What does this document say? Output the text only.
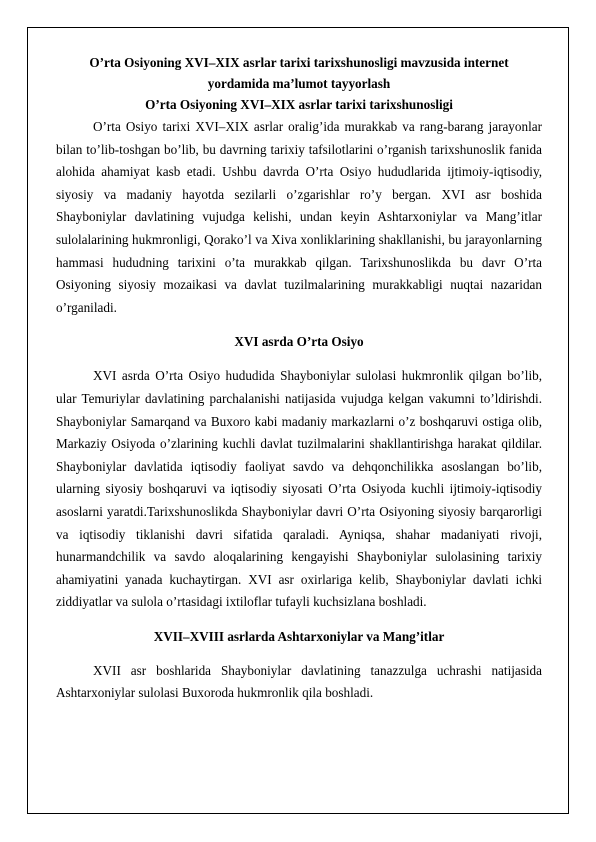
O’rta Osiyoning XVI–XIX asrlar tarixi tarixshunosligi mavzusida internet yordamida ma’lumot tayyorlash

O’rta Osiyoning XVI–XIX asrlar tarixi tarixshunosligi

O’rta Osiyo tarixi XVI–XIX asrlar oralig’ida murakkab va rang-barang jarayonlar bilan to’lib-toshgan bo’lib, bu davrning tarixiy tafsilotlarini o’rganish tarixshunoslik fanida alohida ahamiyat kasb etadi. Ushbu davrda O’rta Osiyo hududlarida ijtimoiy-iqtisodiy, siyosiy va madaniy hayotda sezilarli o’zgarishlar ro’y bergan. XVI asr boshida Shayboniylar davlatining vujudga kelishi, undan keyin Ashtarxoniylar va Mang’itlar sulolalarining hukmronligi, Qorako’l va Xiva xonliklarining shakllanishi, bu jarayonlarning hammasi hududning tarixini o’ta murakkab qilgan. Tarixshunoslikda bu davr O’rta Osiyoning siyosiy mozaikasi va davlat tuzilmalarining murakkabligi nuqtai nazaridan o’rganiladi.

XVI asrda O’rta Osiyo

XVI asrda O’rta Osiyo hududida Shayboniylar sulolasi hukmronlik qilgan bo’lib, ular Temuriylar davlatining parchalanishi natijasida vujudga kelgan vakumni to’ldirishdi. Shayboniylar Samarqand va Buxoro kabi madaniy markazlarni o’z boshqaruvi ostiga olib, Markaziy Osiyoda o’zlarining kuchli davlat tuzilmalarini shakllantirishga harakat qildilar. Shayboniylar davlatida iqtisodiy faoliyat savdo va dehqonchilikka asoslangan bo’lib, ularning siyosiy boshqaruvi va iqtisodiy siyosati O’rta Osiyoda kuchli ijtimoiy-iqtisodiy asoslarni yaratdi.Tarixshunoslikda Shayboniylar davri O’rta Osiyoning siyosiy barqarorligi va iqtisodiy tiklanishi davri sifatida qaraladi. Ayniqsa, shahar madaniyati rivoji, hunarmandchilik va savdo aloqalarining kengayishi Shayboniylar sulolasining tarixiy ahamiyatini yanada kuchaytirgan. XVI asr oxirlariga kelib, Shayboniylar davlati ichki ziddiyatlar va sulola o’rtasidagi ixtiloflar tufayli kuchsizlana boshladi.

XVII–XVIII asrlarda Ashtarxoniylar va Mang’itlar

XVII asr boshlarida Shayboniylar davlatining tanazzulga uchrashi natijasida Ashtarxoniylar sulolasi Buxoroda hukmronlik qila boshladi.
